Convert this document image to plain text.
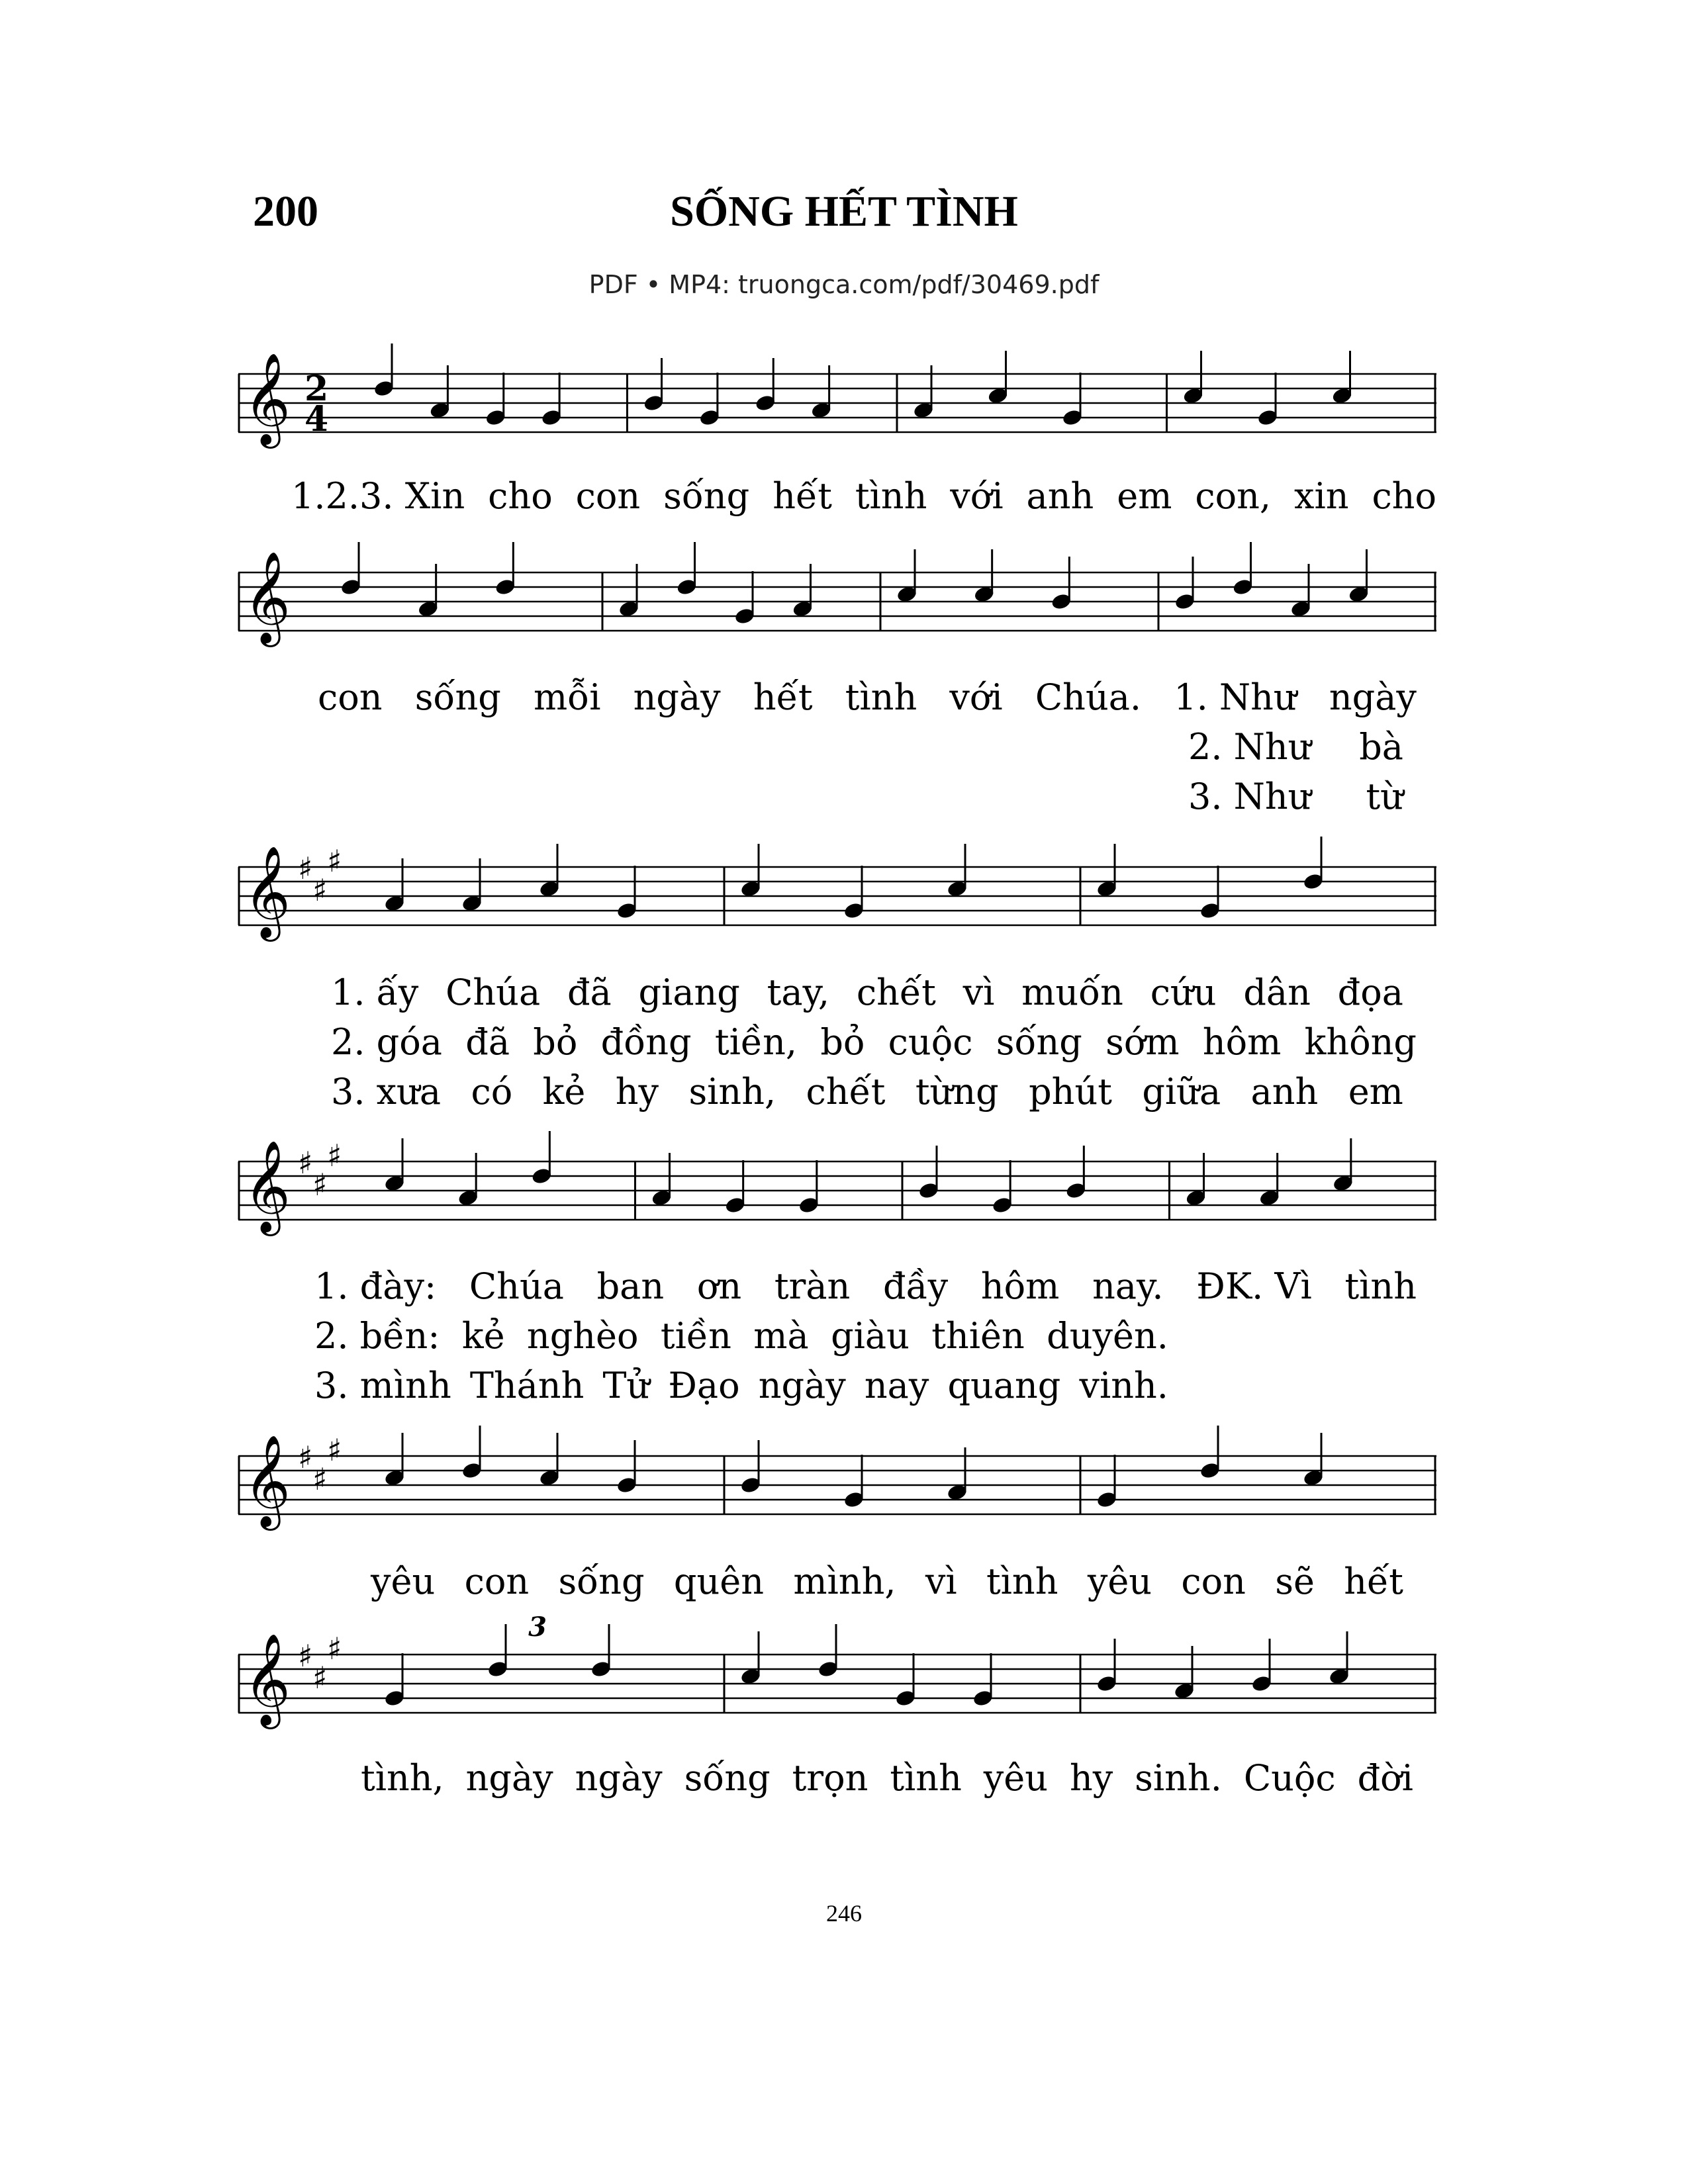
200	SỐNG HẾT TÌNH
PDF • MP4: truongca.com/pdf/30469.pdf
𝄞 2
4
1.2.3. Xin cho con sống hết tình với anh em con, xin cho
𝄞
con sống mỗi ngày hết tình với Chúa. 1. Như ngày
2. Như bà
3. Như từ
𝄞 ♯
♯
♯
1. ấy Chúa đã giang tay, chết vì muốn cứu dân đọa
2. góa đã bỏ đồng tiền, bỏ cuộc sống sớm hôm không
3. xưa có kẻ hy sinh, chết từng phút giữa anh em
𝄞 ♯
♯
♯
1. đày: Chúa ban ơn tràn đầy hôm nay. ĐK. Vì tình
2. bền: kẻ nghèo tiền mà giàu thiên duyên.
3. mình Thánh Tử Đạo ngày nay quang vinh.
𝄞 ♯
♯
♯
yêu con sống quên mình, vì tình yêu con sẽ hết
𝄞 ♯
♯
♯
3
tình, ngày ngày sống trọn tình yêu hy sinh. Cuộc đời
246
